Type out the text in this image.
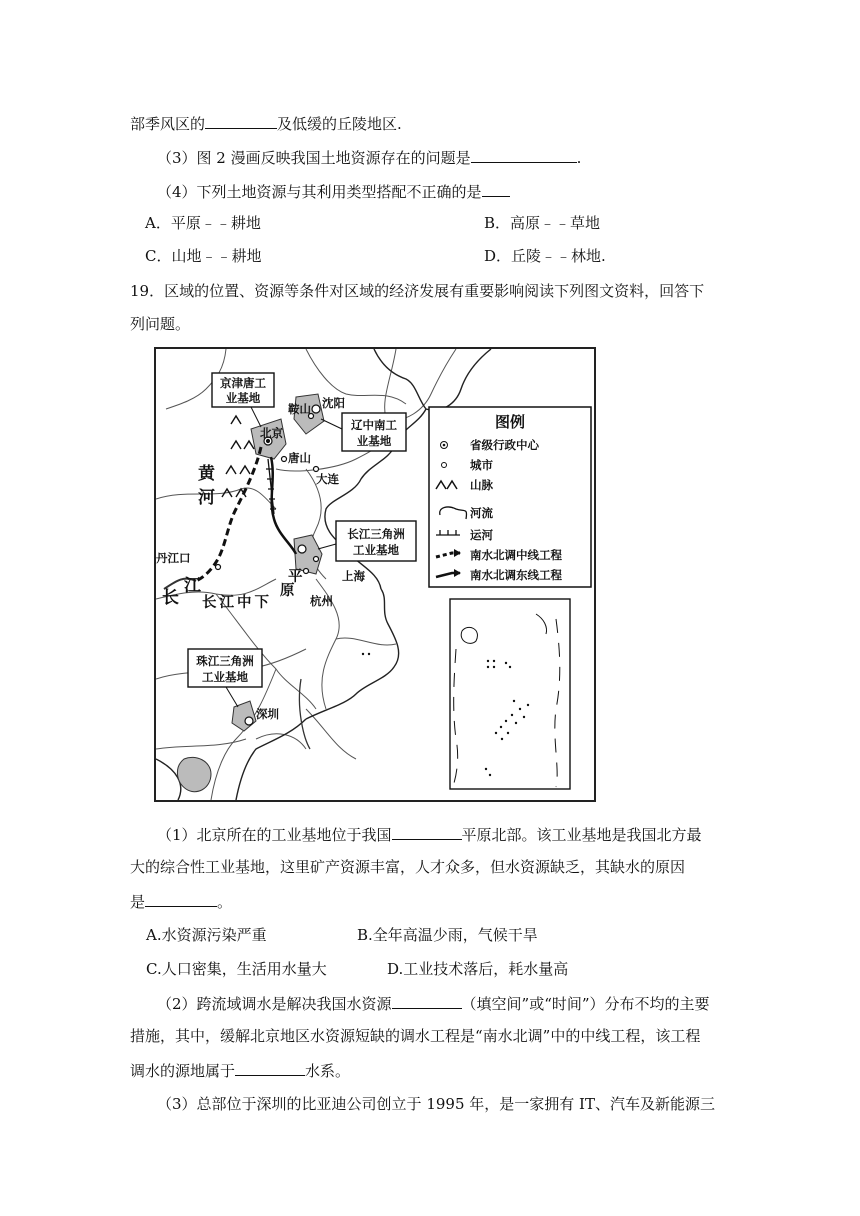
部季风区的	及低缓的丘陵地区.
（3）图 2 漫画反映我国土地资源存在的问题是	.
（4）下列土地资源与其利用类型搭配不正确的是
A．平原﹣﹣耕地	B．高原﹣﹣草地
C．山地﹣﹣耕地	D．丘陵﹣﹣林地.
19．区域的位置、资源等条件对区域的经济发展有重要影响阅读下列图文资料，回答下
列问题。
京津唐工
业基地
辽中南工
业基地
长江三角洲
工业基地
珠江三角洲
工业基地
北京
鞍山 沈阳
唐山
大连
上海
杭州
深圳
丹江口
黄
河
长
江
长江中下
平
原
图例
省级行政中心
城市
山脉
河流
运河
南水北调中线工程
南水北调东线工程
（1）北京所在的工业基地位于我国	平原北部。该工业基地是我国北方最
大的综合性工业基地，这里矿产资源丰富，人才众多，但水资源缺乏，其缺水的原因
是	。
A.水资源污染严重	B.全年高温少雨，气候干旱
C.人口密集，生活用水量大	D.工业技术落后，耗水量高
（2）跨流域调水是解决我国水资源	（填空间”或“时间”）分布不均的主要
措施，其中，缓解北京地区水资源短缺的调水工程是“南水北调”中的中线工程，该工程
调水的源地属于	水系。
（3）总部位于深圳的比亚迪公司创立于 1995 年，是一家拥有 IT、汽车及新能源三
